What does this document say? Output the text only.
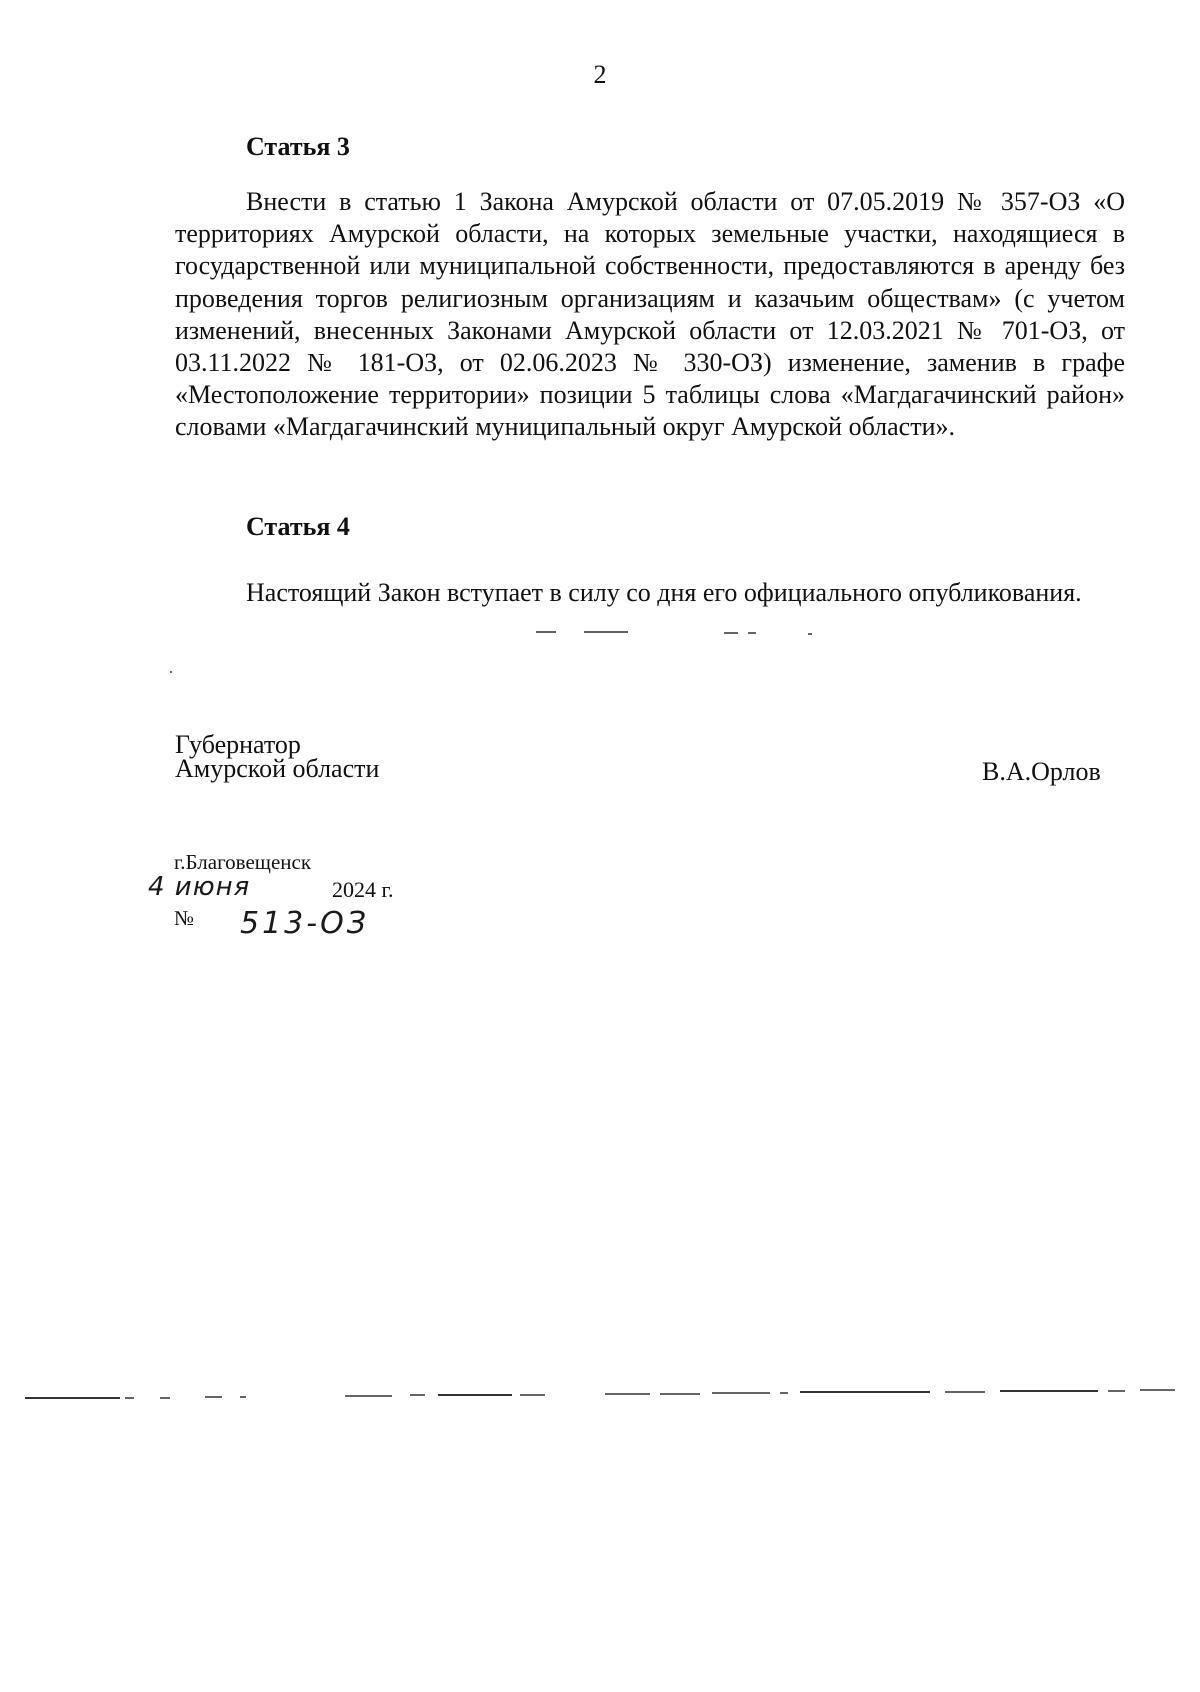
2
Статья 3
Внести в статью 1 Закона Амурской области от 07.05.2019 № 357-ОЗ «О территориях Амурской области, на которых земельные участки, находящиеся в государственной или муниципальной собственности, предоставляются в аренду без проведения торгов религиозным организациям и казачьим обществам» (с учетом изменений, внесенных Законами Амурской области от 12.03.2021 № 701-ОЗ, от 03.11.2022 № 181-ОЗ, от 02.06.2023 № 330-ОЗ) изменение, заменив в графе «Местоположение территории» позиции 5 таблицы слова «Магдагачинский район» словами «Магдагачинский муниципальный округ Амурской области».
Статья 4
Настоящий Закон вступает в силу со дня его официального опубликования.
Губернатор
Амурской области	В.А.Орлов
г.Благовещенск
4 июня	2024 г.
№ 513-ОЗ
